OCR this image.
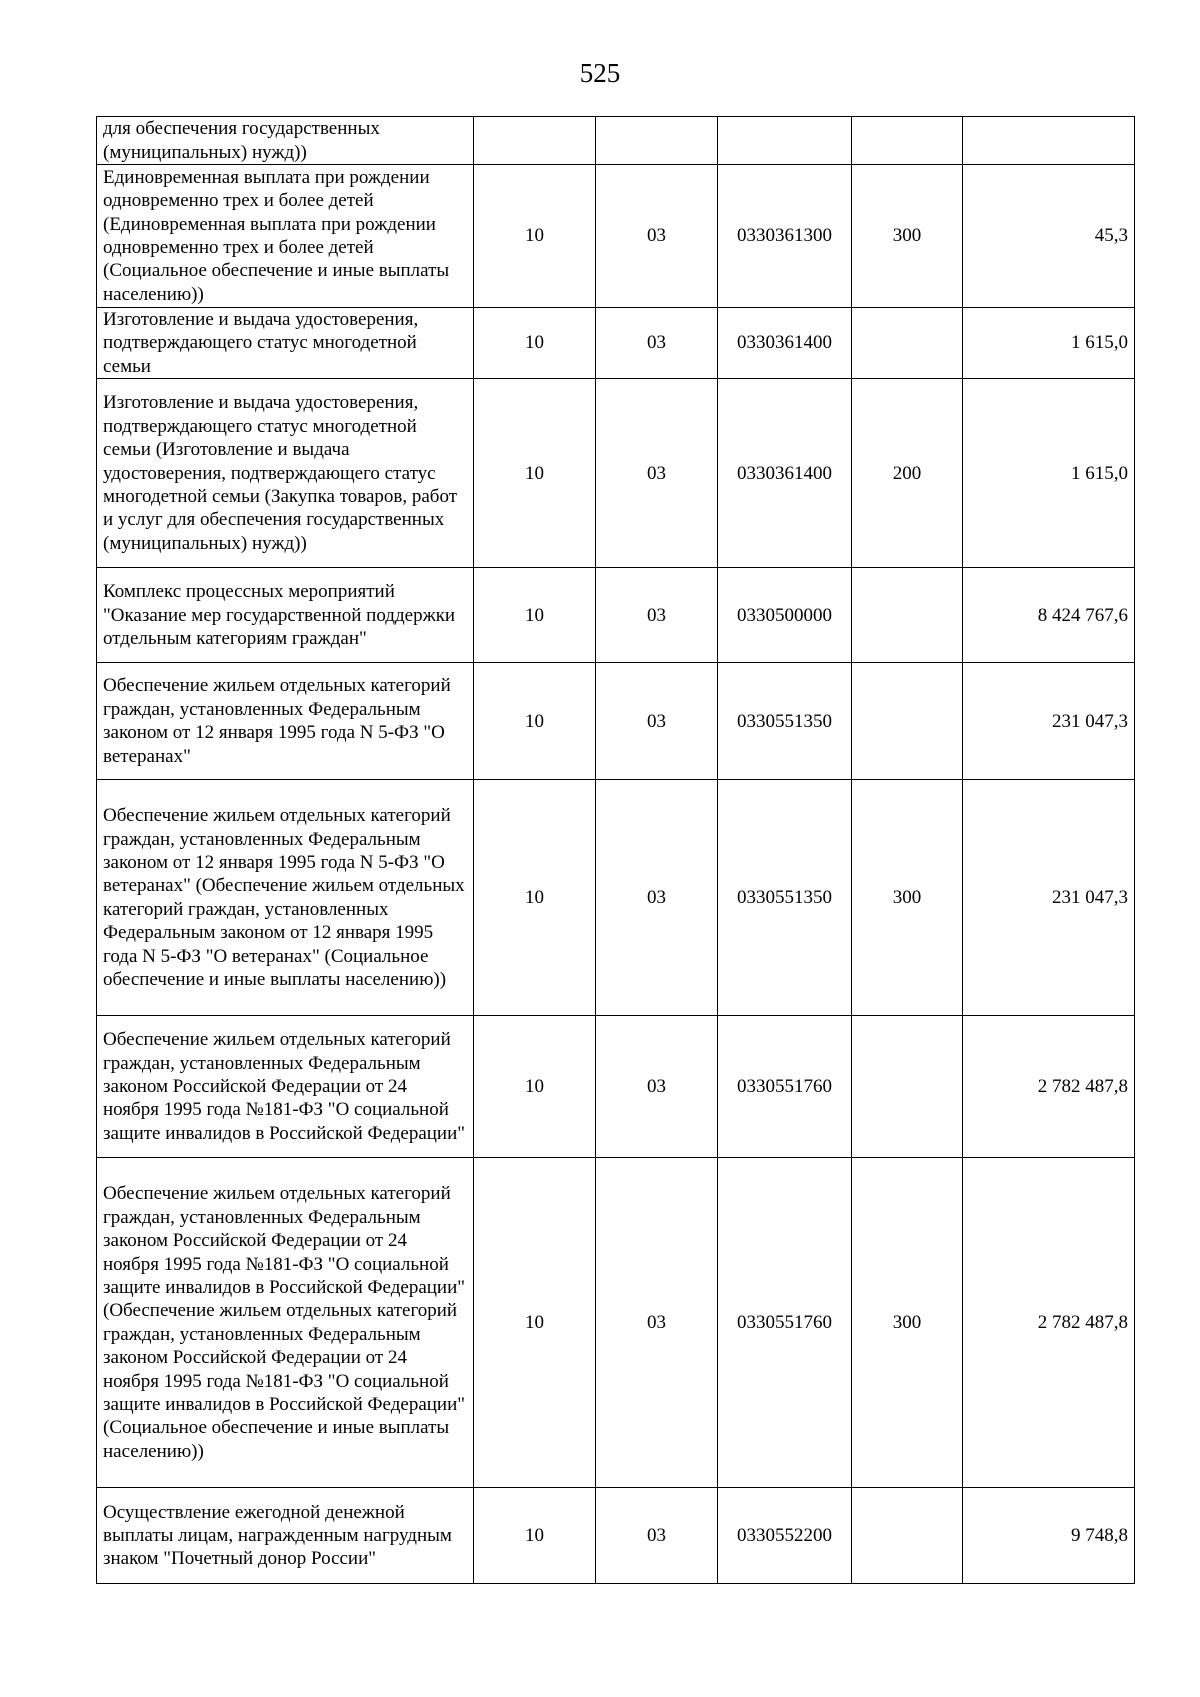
525
для обеспечения государственных (муниципальных) нужд))					
Единовременная выплата при рождении одновременно трех и более детей (Единовременная выплата при рождении одновременно трех и более детей (Социальное обеспечение и иные выплаты населению))	10	03	0330361300	300	45,3
Изготовление и выдача удостоверения, подтверждающего статус многодетной семьи	10	03	0330361400		1 615,0
Изготовление и выдача удостоверения, подтверждающего статус многодетной семьи (Изготовление и выдача удостоверения, подтверждающего статус многодетной семьи (Закупка товаров, работ и услуг для обеспечения государственных (муниципальных) нужд))	10	03	0330361400	200	1 615,0
Комплекс процессных мероприятий "Оказание мер государственной поддержки отдельным категориям граждан"	10	03	0330500000		8 424 767,6
Обеспечение жильем отдельных категорий граждан, установленных Федеральным законом от 12 января 1995 года N 5-ФЗ "О ветеранах"	10	03	0330551350		231 047,3
Обеспечение жильем отдельных категорий граждан, установленных Федеральным законом от 12 января 1995 года N 5-ФЗ "О ветеранах" (Обеспечение жильем отдельных категорий граждан, установленных Федеральным законом от 12 января 1995 года N 5-ФЗ "О ветеранах" (Социальное обеспечение и иные выплаты населению))	10	03	0330551350	300	231 047,3
Обеспечение жильем отдельных категорий граждан, установленных Федеральным законом Российской Федерации от 24 ноября 1995 года №181-ФЗ "О социальной защите инвалидов в Российской Федерации"	10	03	0330551760		2 782 487,8
Обеспечение жильем отдельных категорий граждан, установленных Федеральным законом Российской Федерации от 24 ноября 1995 года №181-ФЗ "О социальной защите инвалидов в Российской Федерации" (Обеспечение жильем отдельных категорий граждан, установленных Федеральным законом Российской Федерации от 24 ноября 1995 года №181-ФЗ "О социальной защите инвалидов в Российской Федерации" (Социальное обеспечение и иные выплаты населению))	10	03	0330551760	300	2 782 487,8
Осуществление ежегодной денежной выплаты лицам, награжденным нагрудным знаком "Почетный донор России"	10	03	0330552200		9 748,8
